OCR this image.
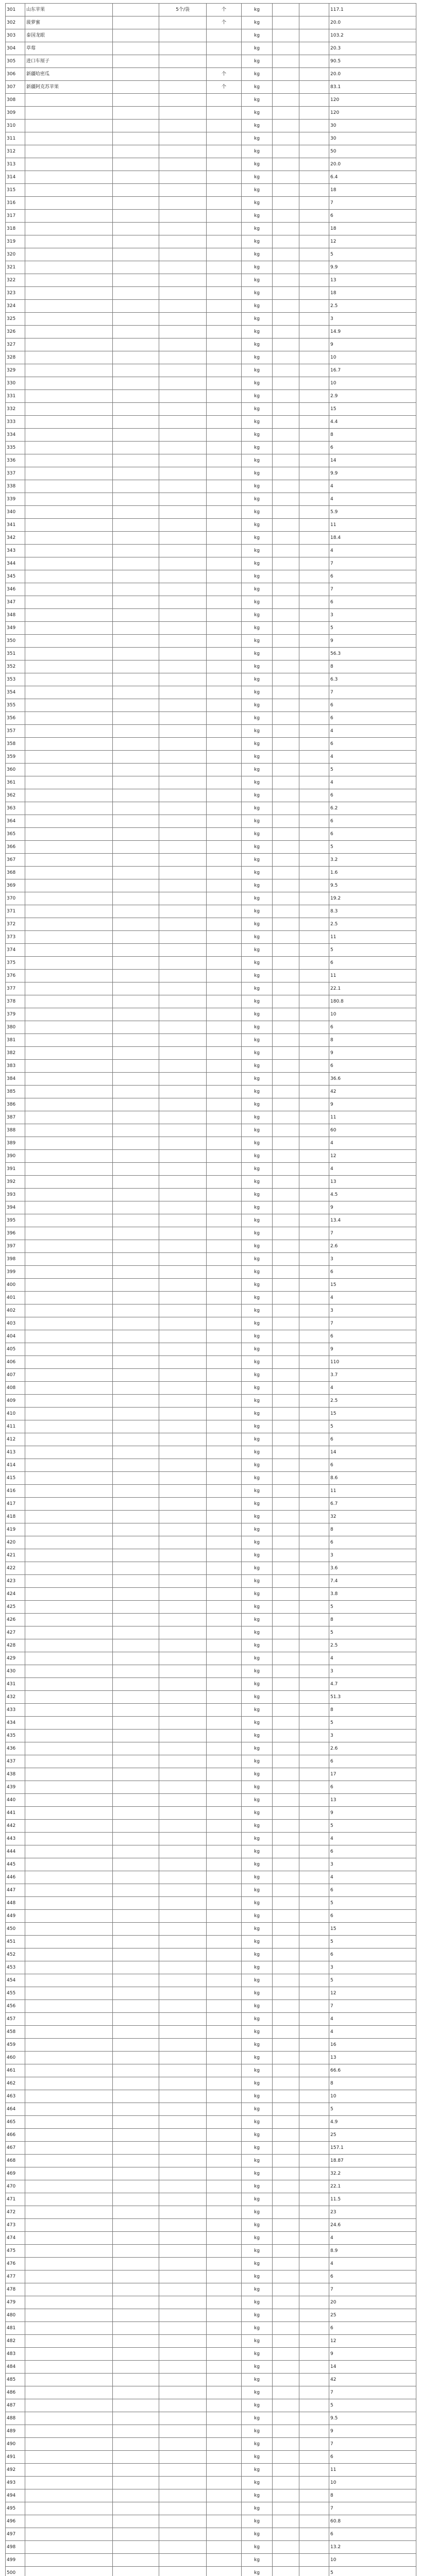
301	山东苹果		5个/袋	个	kg			117.1
302	菠萝蜜			个	kg			20.0
303	泰国龙眼				kg			103.2
304	草莓				kg			20.3
305	进口车厘子				kg			90.5
306	新疆哈密瓜			个	kg			20.0
307	新疆阿克苏苹果			个	kg			83.1
308					kg			120
309					kg			120
310					kg			30
311					kg			30
312					kg			50
313					kg			20.0
314					kg			6.4
315					kg			18
316					kg			7
317					kg			6
318					kg			18
319					kg			12
320					kg			5
321					kg			9.9
322					kg			13
323					kg			18
324					kg			2.5
325					kg			3
326					kg			14.9
327					kg			9
328					kg			10
329					kg			16.7
330					kg			10
331					kg			2.9
332					kg			15
333					kg			4.4
334					kg			8
335					kg			6
336					kg			14
337					kg			9.9
338					kg			4
339					kg			4
340					kg			5.9
341					kg			11
342					kg			18.4
343					kg			4
344					kg			7
345					kg			6
346					kg			7
347					kg			6
348					kg			3
349					kg			5
350					kg			9
351					kg			56.3
352					kg			8
353					kg			6.3
354					kg			7
355					kg			6
356					kg			6
357					kg			4
358					kg			6
359					kg			4
360					kg			5
361					kg			4
362					kg			6
363					kg			6.2
364					kg			6
365					kg			6
366					kg			5
367					kg			3.2
368					kg			1.6
369					kg			9.5
370					kg			19.2
371					kg			8.3
372					kg			2.5
373					kg			11
374					kg			5
375					kg			6
376					kg			11
377					kg			22.1
378					kg			180.8
379					kg			10
380					kg			6
381					kg			8
382					kg			9
383					kg			6
384					kg			36.6
385					kg			42
386					kg			9
387					kg			11
388					kg			60
389					kg			4
390					kg			12
391					kg			4
392					kg			13
393					kg			4.5
394					kg			9
395					kg			13.4
396					kg			7
397					kg			2.6
398					kg			3
399					kg			6
400					kg			15
401					kg			4
402					kg			3
403					kg			7
404					kg			6
405					kg			9
406					kg			110
407					kg			3.7
408					kg			4
409					kg			2.5
410					kg			15
411					kg			5
412					kg			6
413					kg			14
414					kg			6
415					kg			8.6
416					kg			11
417					kg			6.7
418					kg			32
419					kg			8
420					kg			6
421					kg			3
422					kg			3.6
423					kg			7.4
424					kg			3.8
425					kg			5
426					kg			8
427					kg			5
428					kg			2.5
429					kg			4
430					kg			3
431					kg			4.7
432					kg			51.3
433					kg			8
434					kg			5
435					kg			3
436					kg			2.6
437					kg			6
438					kg			17
439					kg			6
440					kg			13
441					kg			9
442					kg			5
443					kg			4
444					kg			6
445					kg			3
446					kg			4
447					kg			6
448					kg			5
449					kg			6
450					kg			15
451					kg			5
452					kg			6
453					kg			3
454					kg			5
455					kg			12
456					kg			7
457					kg			4
458					kg			4
459					kg			16
460					kg			13
461					kg			66.6
462					kg			8
463					kg			10
464					kg			5
465					kg			4.9
466					kg			25
467					kg			157.1
468					kg			18.87
469					kg			32.2
470					kg			22.1
471					kg			11.5
472					kg			23
473					kg			24.6
474					kg			4
475					kg			8.9
476					kg			4
477					kg			6
478					kg			7
479					kg			20
480					kg			25
481					kg			6
482					kg			12
483					kg			9
484					kg			14
485					kg			42
486					kg			7
487					kg			5
488					kg			9.5
489					kg			9
490					kg			7
491					kg			6
492					kg			11
493					kg			10
494					kg			8
495					kg			7
496					kg			60.8
497					kg			6
498					kg			13.2
499					kg			10
500					kg			5
